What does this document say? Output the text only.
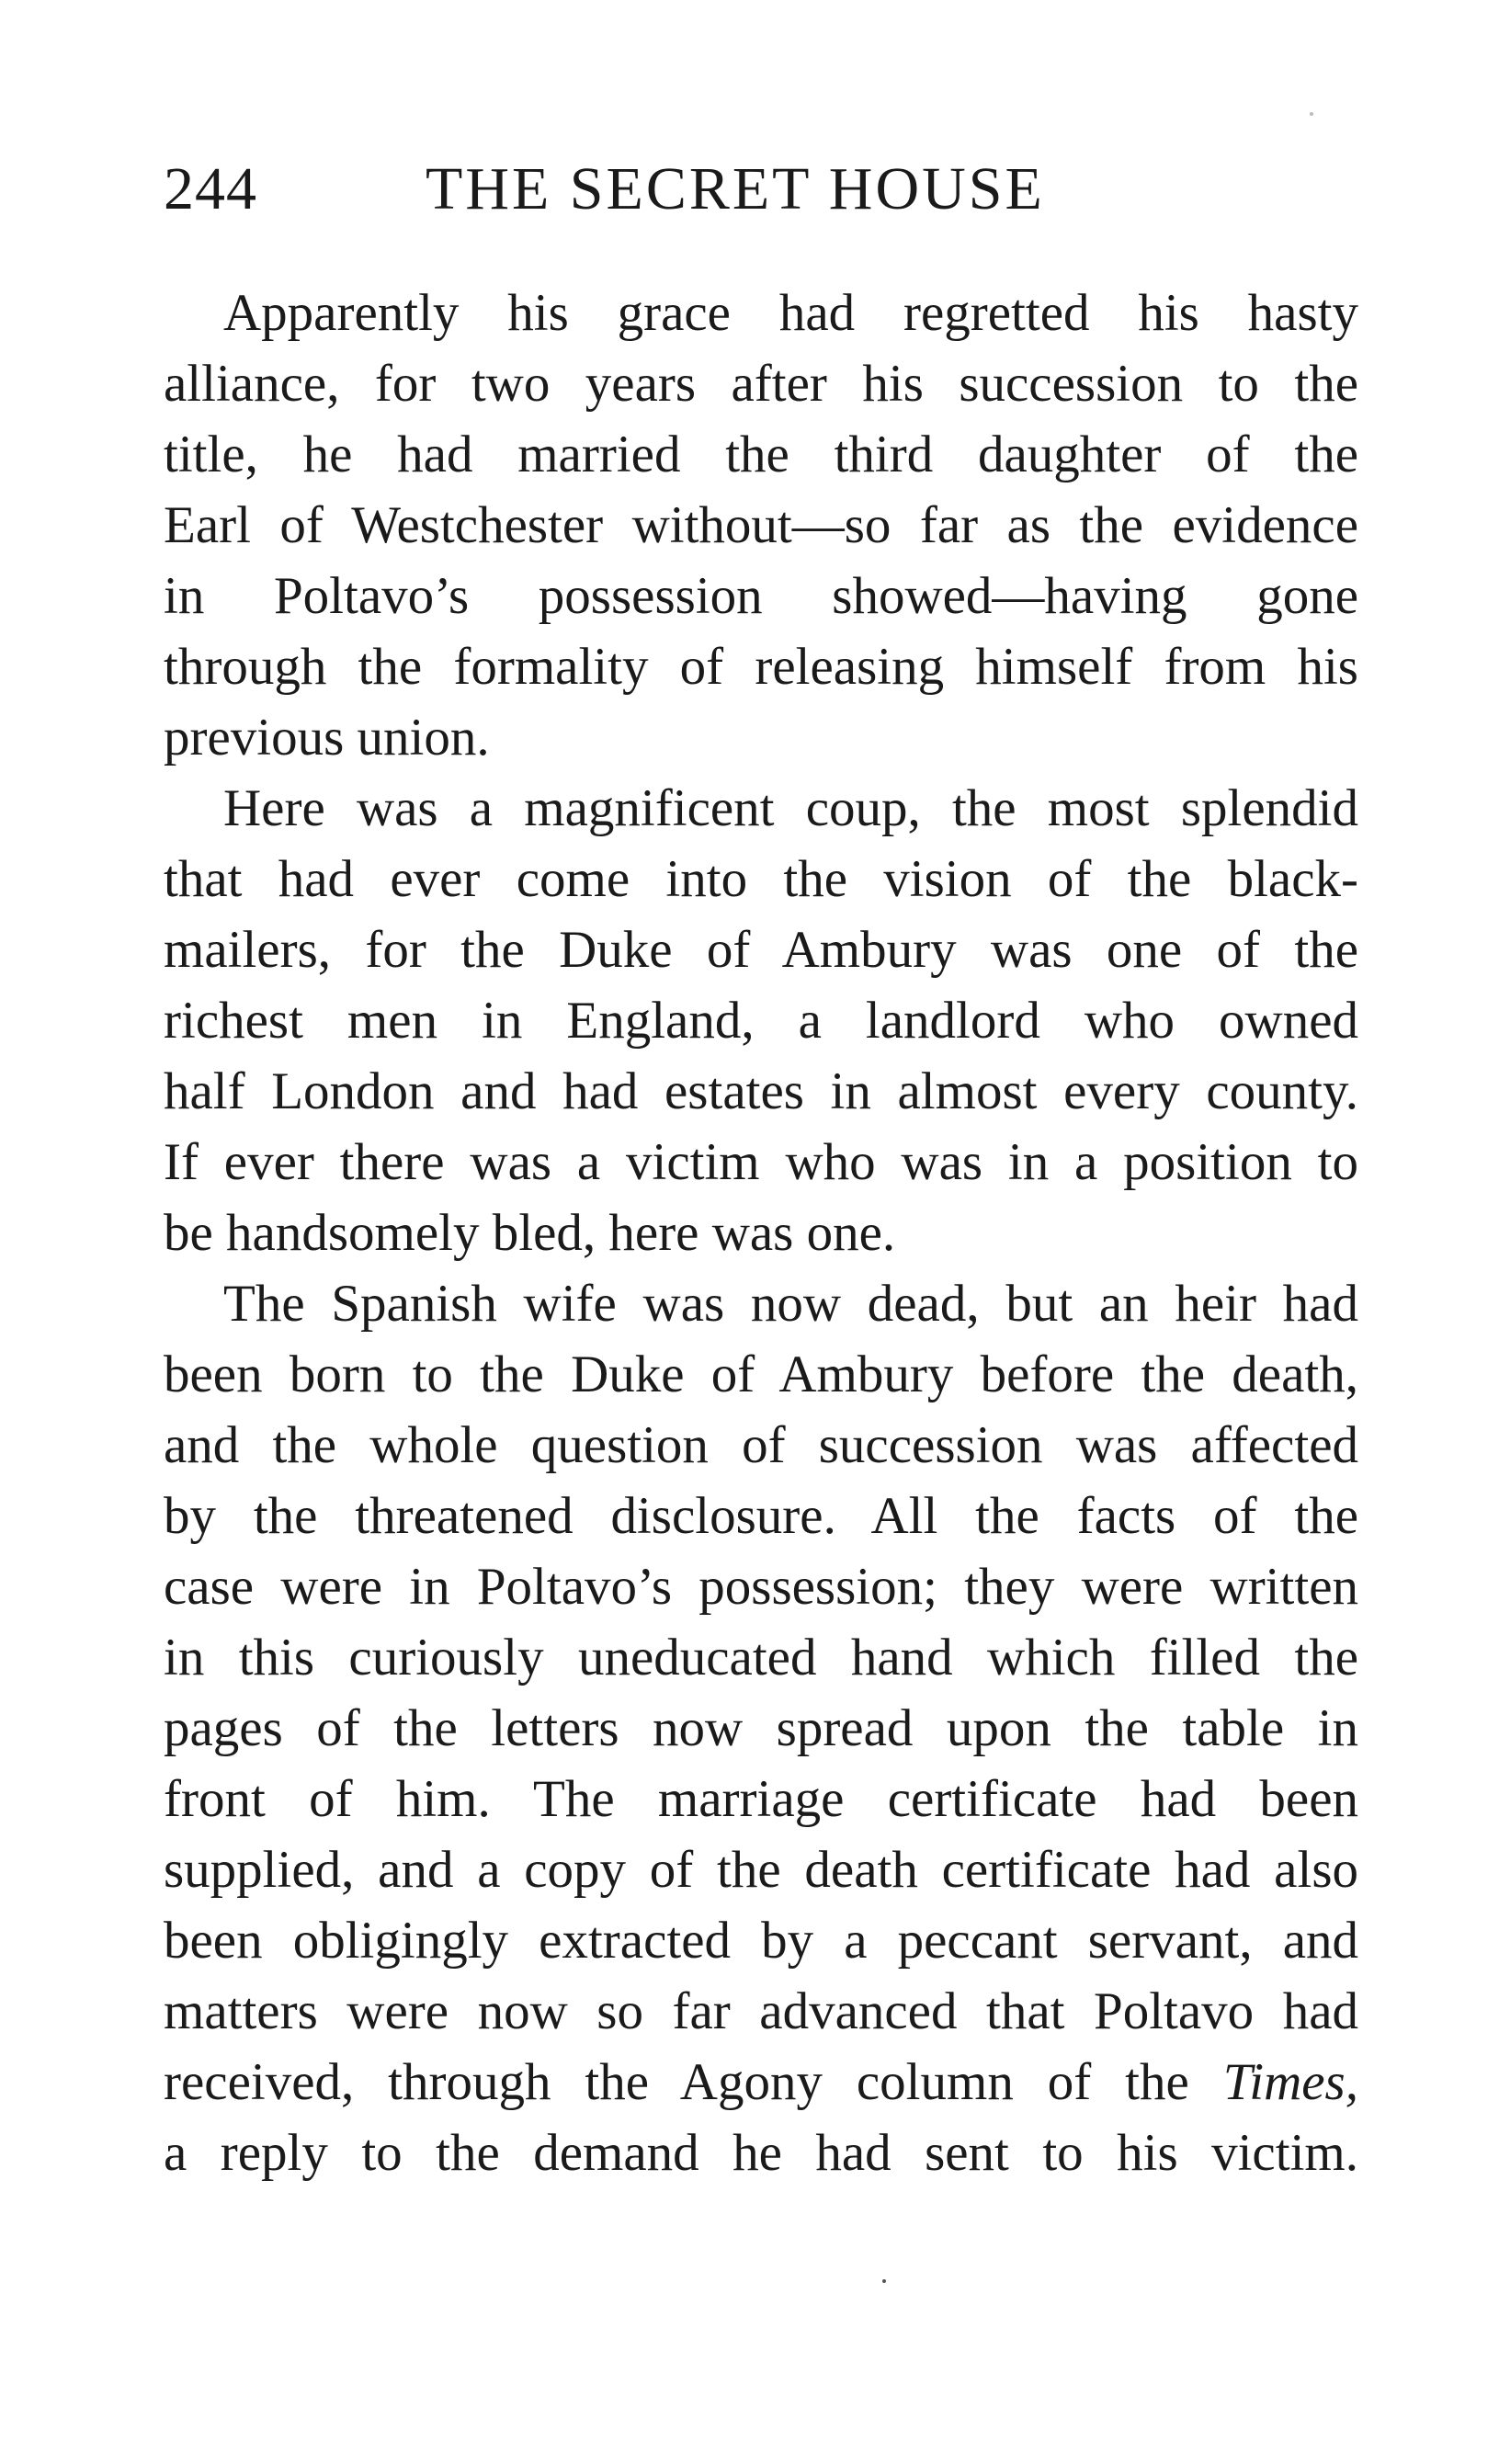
244	THE SECRET HOUSE

Apparently his grace had regretted his hasty
alliance, for two years after his succession to the
title, he had married the third daughter of the
Earl of Westchester without—so far as the evidence
in Poltavo’s possession showed—having gone
through the formality of releasing himself from his
previous union.

Here was a magnificent coup, the most splendid
that had ever come into the vision of the black-
mailers, for the Duke of Ambury was one of the
richest men in England, a landlord who owned
half London and had estates in almost every county.
If ever there was a victim who was in a position to
be handsomely bled, here was one.

The Spanish wife was now dead, but an heir had
been born to the Duke of Ambury before the death,
and the whole question of succession was affected
by the threatened disclosure. All the facts of the
case were in Poltavo’s possession; they were written
in this curiously uneducated hand which filled the
pages of the letters now spread upon the table in
front of him. The marriage certificate had been
supplied, and a copy of the death certificate had also
been obligingly extracted by a peccant servant, and
matters were now so far advanced that Poltavo had
received, through the Agony column of the Times,
a reply to the demand he had sent to his victim.
